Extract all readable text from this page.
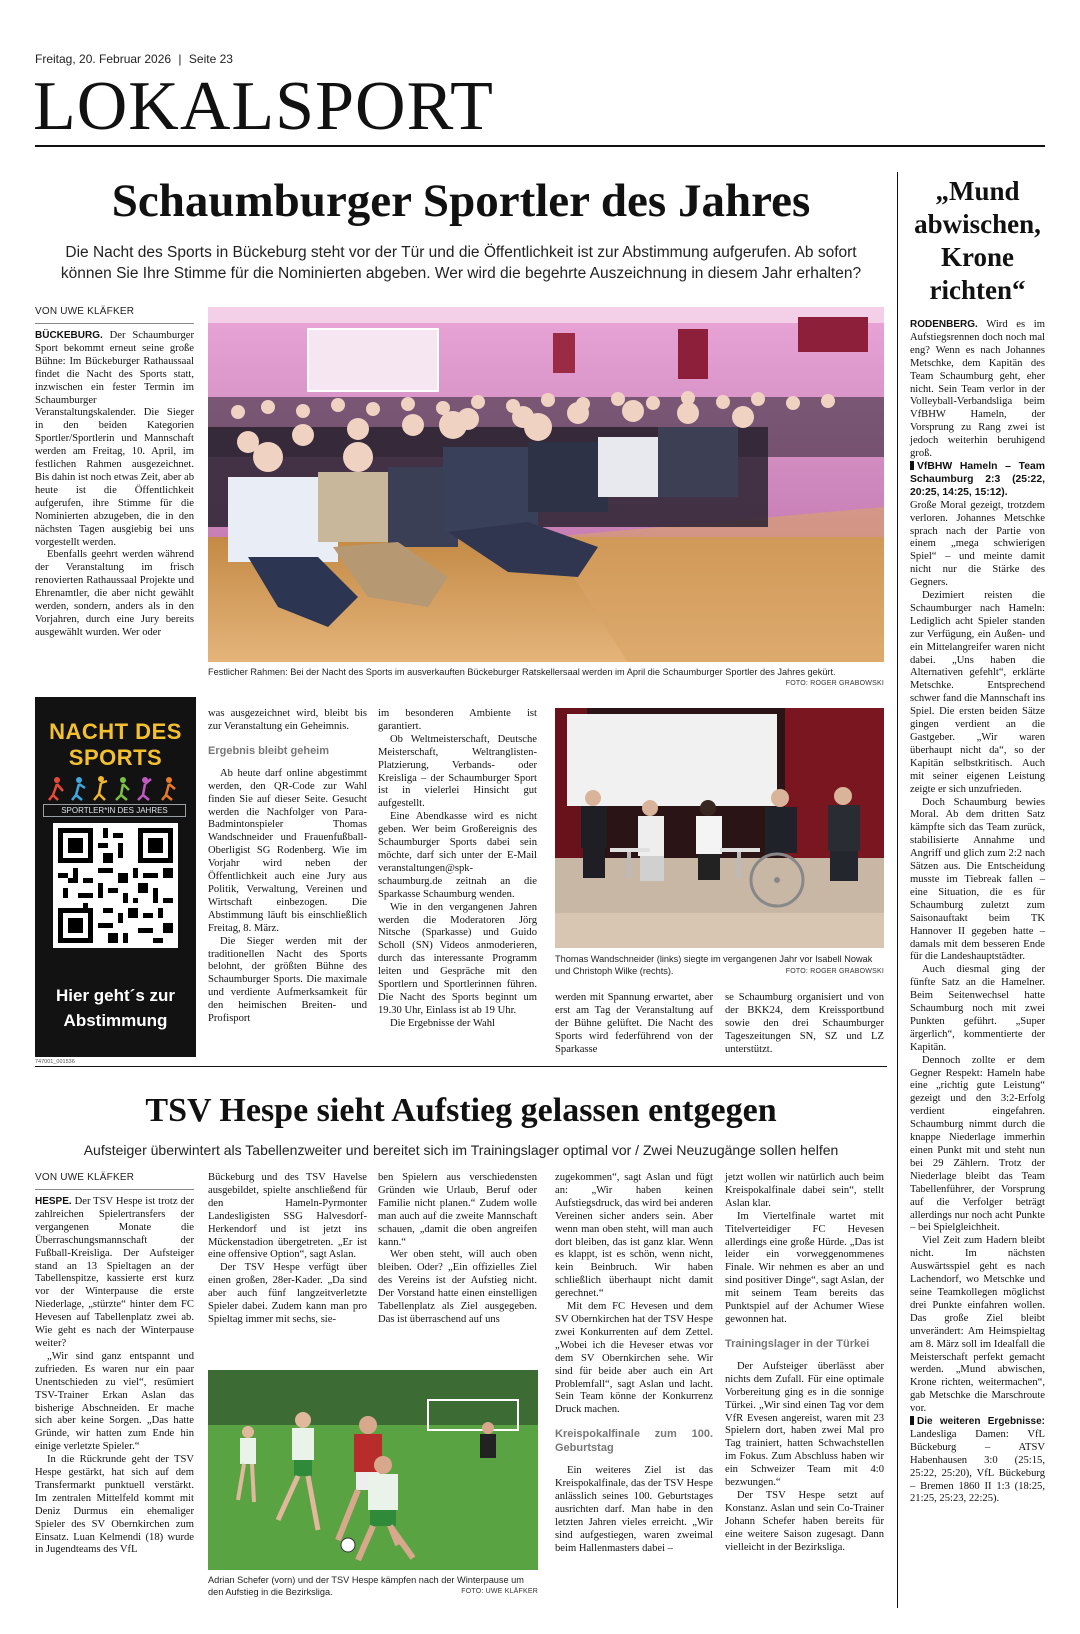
Freitag, 20. Februar 2026 | Seite 23
LOKALSPORT
Schaumburger Sportler des Jahres
Die Nacht des Sports in Bückeburg steht vor der Tür und die Öffentlichkeit ist zur Abstimmung aufgerufen. Ab sofort können Sie Ihre Stimme für die Nominierten abgeben. Wer wird die begehrte Auszeichnung in diesem Jahr erhalten?
VON UWE KLÄFKER

BÜCKEBURG. Der Schaumburger Sport bekommt erneut seine große Bühne: Im Bückeburger Rathaussaal findet die Nacht des Sports statt, inzwischen ein fester Termin im Schaumburger Veranstaltungskalender. Die Sieger in den beiden Kategorien Sportler/Sportlerin und Mannschaft werden am Freitag, 10. April, im festlichen Rahmen ausgezeichnet. Bis dahin ist noch etwas Zeit, aber ab heute ist die Öffentlichkeit aufgerufen, ihre Stimme für die Nominierten abzugeben, die in den nächsten Tagen ausgiebig bei uns vorgestellt werden.

Ebenfalls geehrt werden während der Veranstaltung im frisch renovierten Rathaussaal Projekte und Ehrenamtler, die aber nicht gewählt werden, sondern, anders als in den Vorjahren, durch eine Jury bereits ausgewählt wurden. Wer oder

Festlicher Rahmen: Bei der Nacht des Sports im ausverkauften Bückeburger Ratskellersaal werden im April die Schaumburger Sportler des Jahres gekürt.
FOTO: ROGER GRABOWSKI
NACHT DES
SPORTS
SPORTLER*IN DES JAHRES
Hier geht´s zur
Abstimmung
747001_001536

was ausgezeichnet wird, bleibt bis zur Veranstaltung ein Geheimnis.

Ergebnis bleibt geheim

Ab heute darf online abgestimmt werden, den QR-Code zur Wahl finden Sie auf dieser Seite. Gesucht werden die Nachfolger von Para-Badmintonspieler Thomas Wandschneider und Frauenfußball-Oberligist SG Rodenberg. Wie im Vorjahr wird neben der Öffentlichkeit auch eine Jury aus Politik, Verwaltung, Vereinen und Wirtschaft einbezogen. Die Abstimmung läuft bis einschließlich Freitag, 8. März.

Die Sieger werden mit der traditionellen Nacht des Sports belohnt, der größten Bühne des Schaumburger Sports. Die maximale und verdiente Aufmerksamkeit für den heimischen Breiten- und Profisport

im besonderen Ambiente ist garantiert.

Ob Weltmeisterschaft, Deutsche Meisterschaft, Weltranglisten-Platzierung, Verbands- oder Kreisliga – der Schaumburger Sport ist in vielerlei Hinsicht gut aufgestellt.

Eine Abendkasse wird es nicht geben. Wer beim Großereignis des Schaumburger Sports dabei sein möchte, darf sich unter der E-Mail veranstaltungen@spk-schaumburg.de zeitnah an die Sparkasse Schaumburg wenden.

Wie in den vergangenen Jahren werden die Moderatoren Jörg Nitsche (Sparkasse) und Guido Scholl (SN) Videos anmoderieren, durch das interessante Programm leiten und Gespräche mit den Sportlern und Sportlerinnen führen. Die Nacht des Sports beginnt um 19.30 Uhr, Einlass ist ab 19 Uhr.

Die Ergebnisse der Wahl

Thomas Wandschneider (links) siegte im vergangenen Jahr vor Isabell Nowak und Christoph Wilke (rechts).	FOTO: ROGER GRABOWSKI

werden mit Spannung erwartet, aber erst am Tag der Veranstaltung auf der Bühne gelüftet. Die Nacht des Sports wird federführend von der Sparkasse

se Schaumburg organisiert und von der BKK24, dem Kreissportbund sowie den drei Schaumburger Tageszeitungen SN, SZ und LZ unterstützt.

TSV Hespe sieht Aufstieg gelassen entgegen
Aufsteiger überwintert als Tabellenzweiter und bereitet sich im Trainingslager optimal vor / Zwei Neuzugänge sollen helfen
VON UWE KLÄFKER

HESPE. Der TSV Hespe ist trotz der zahlreichen Spielertransfers der vergangenen Monate die Überraschungsmannschaft der Fußball-Kreisliga. Der Aufsteiger stand an 13 Spieltagen an der Tabellenspitze, kassierte erst kurz vor der Winterpause die erste Niederlage, „stürzte“ hinter dem FC Hevesen auf Tabellenplatz zwei ab. Wie geht es nach der Winterpause weiter?

„Wir sind ganz entspannt und zufrieden. Es waren nur ein paar Unentschieden zu viel“, resümiert TSV-Trainer Erkan Aslan das bisherige Abschneiden. Er mache sich aber keine Sorgen. „Das hatte Gründe, wir hatten zum Ende hin einige verletzte Spieler.“

In die Rückrunde geht der TSV Hespe gestärkt, hat sich auf dem Transfermarkt punktuell verstärkt. Im zentralen Mittelfeld kommt mit Deniz Durmus ein ehemaliger Spieler des SV Obernkirchen zum Einsatz. Luan Kelmendi (18) wurde in Jugendteams des VfL

Bückeburg und des TSV Havelse ausgebildet, spielte anschließend für den Hameln-Pyrmonter Landesligisten SSG Halvesdorf-Herkendorf und ist jetzt ins Mückenstadion übergetreten. „Er ist eine offensive Option“, sagt Aslan.

Der TSV Hespe verfügt über einen großen, 28er-Kader. „Da sind aber auch fünf langzeitverletzte Spieler dabei. Zudem kann man pro Spieltag immer mit sechs, sie-

ben Spielern aus verschiedensten Gründen wie Urlaub, Beruf oder Familie nicht planen.“ Zudem wolle man auch auf die zweite Mannschaft schauen, „damit die oben angreifen kann.“

Wer oben steht, will auch oben bleiben. Oder? „Ein offizielles Ziel des Vereins ist der Aufstieg nicht. Der Vorstand hatte einen einstelligen Tabellenplatz als Ziel ausgegeben. Das ist überraschend auf uns

zugekommen“, sagt Aslan und fügt an: „Wir haben keinen Aufstiegsdruck, das wird bei anderen Vereinen sicher anders sein. Aber wenn man oben steht, will man auch dort bleiben, das ist ganz klar. Wenn es klappt, ist es schön, wenn nicht, kein Beinbruch. Wir haben schließlich überhaupt nicht damit gerechnet.“

Mit dem FC Hevesen und dem SV Obernkirchen hat der TSV Hespe zwei Konkurrenten auf dem Zettel. „Wobei ich die Heveser etwas vor dem SV Obernkirchen sehe. Wir sind für beide aber auch ein Art Problemfall“, sagt Aslan und lacht. Sein Team könne der Konkurrenz Druck machen.

Kreispokalfinale zum 100. Geburtstag

Ein weiteres Ziel ist das Kreispokalfinale, das der TSV Hespe anlässlich seines 100. Geburtstages ausrichten darf. Man habe in den letzten Jahren vieles erreicht. „Wir sind aufgestiegen, waren zweimal beim Hallenmasters dabei –

jetzt wollen wir natürlich auch beim Kreispokalfinale dabei sein“, stellt Aslan klar.

Im Viertelfinale wartet mit Titelverteidiger FC Hevesen allerdings eine große Hürde. „Das ist leider ein vorweggenommenes Finale. Wir nehmen es aber an und sind positiver Dinge“, sagt Aslan, der mit seinem Team bereits das Punktspiel auf der Achumer Wiese gewonnen hat.

Trainingslager in der Türkei

Der Aufsteiger überlässt aber nichts dem Zufall. Für eine optimale Vorbereitung ging es in die sonnige Türkei. „Wir sind einen Tag vor dem VfR Evesen angereist, waren mit 23 Spielern dort, haben zwei Mal pro Tag trainiert, hatten Schwachstellen im Fokus. Zum Abschluss haben wir ein Schweizer Team mit 4:0 bezwungen.“

Der TSV Hespe setzt auf Konstanz. Aslan und sein Co-Trainer Johann Schefer haben bereits für eine weitere Saison zugesagt. Dann vielleicht in der Bezirksliga.

Adrian Schefer (vorn) und der TSV Hespe kämpfen nach der Winterpause um den Aufstieg in die Bezirksliga.	FOTO: UWE KLÄFKER
„Mund abwischen, Krone richten“

RODENBERG. Wird es im Aufstiegsrennen doch noch mal eng? Wenn es nach Johannes Metschke, dem Kapitän des Team Schaumburg geht, eher nicht. Sein Team verlor in der Volleyball-Verbandsliga beim VfBHW Hameln, der Vorsprung zu Rang zwei ist jedoch weiterhin beruhigend groß.

VfBHW Hameln – Team Schaumburg 2:3 (25:22, 20:25, 14:25, 15:12).

Große Moral gezeigt, trotzdem verloren. Johannes Metschke sprach nach der Partie von einem „mega schwierigen Spiel“ – und meinte damit nicht nur die Stärke des Gegners.

Dezimiert reisten die Schaumburger nach Hameln: Lediglich acht Spieler standen zur Verfügung, ein Außen- und ein Mittelangreifer waren nicht dabei. „Uns haben die Alternativen gefehlt“, erklärte Metschke. Entsprechend schwer fand die Mannschaft ins Spiel. Die ersten beiden Sätze gingen verdient an die Gastgeber. „Wir waren überhaupt nicht da“, so der Kapitän selbstkritisch. Auch mit seiner eigenen Leistung zeigte er sich unzufrieden.

Doch Schaumburg bewies Moral. Ab dem dritten Satz kämpfte sich das Team zurück, stabilisierte Annahme und Angriff und glich zum 2:2 nach Sätzen aus. Die Entscheidung musste im Tiebreak fallen – eine Situation, die es für Schaumburg zuletzt zum Saisonauftakt beim TK Hannover II gegeben hatte – damals mit dem besseren Ende für die Landeshauptstädter.

Auch diesmal ging der fünfte Satz an die Hamelner. Beim Seitenwechsel hatte Schaumburg noch mit zwei Punkten geführt. „Super ärgerlich“, kommentierte der Kapitän.

Dennoch zollte er dem Gegner Respekt: Hameln habe eine „richtig gute Leistung“ gezeigt und den 3:2-Erfolg verdient eingefahren. Schaumburg nimmt durch die knappe Niederlage immerhin einen Punkt mit und steht nun bei 29 Zählern. Trotz der Niederlage bleibt das Team Tabellenführer, der Vorsprung auf die Verfolger beträgt allerdings nur noch acht Punkte – bei Spielgleichheit.

Viel Zeit zum Hadern bleibt nicht. Im nächsten Auswärtsspiel geht es nach Lachendorf, wo Metschke und seine Teamkollegen möglichst drei Punkte einfahren wollen. Das große Ziel bleibt unverändert: Am Heimspieltag am 8. März soll im Idealfall die Meisterschaft perfekt gemacht werden. „Mund abwischen, Krone richten, weitermachen“, gab Metschke die Marschroute vor.

Die weiteren Ergebnisse: Landesliga Damen: VfL Bückeburg – ATSV Habenhausen 3:0 (25:15, 25:22, 25:20), VfL Bückeburg – Bremen 1860 II 1:3 (18:25, 21:25, 25:23, 22:25).
